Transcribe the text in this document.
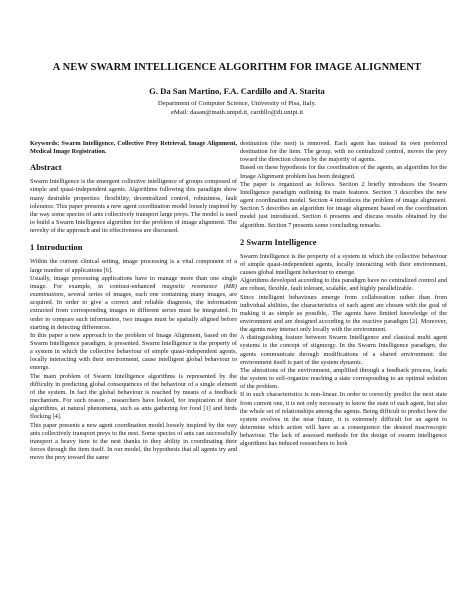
A NEW SWARM INTELLIGENCE ALGORITHM FOR IMAGE ALIGNMENT
G. Da San Martino, F.A. Cardillo and A. Starita
Department of Computer Science, University of Pisa, Italy.
eMail: dasan@math.unipd.it, cardillo@di.unipi.it

Keywords: Swarm Intelligence, Collective Prey Retrieval, Image Alignment, Medical Image Registration.

Abstract

Swarm Intelligence is the emergent collective intelligence of groups composed of simple and quasi-independent agents. Algorithms following this paradigm show many desirable properties: flexibility, decentralized control, robustness, fault tolerance. This paper presents a new agent coordination model loosely inspired by the way some species of ants collectively transport large preys. The model is used to build a Swarm Intelligence algorithm for the problem of image alignment. The novelty of the approach and its effectiveness are discussed.

1 Introduction

Within the current clinical setting, image processing is a vital component of a large number of applications [6].

Usually, image processing applications have to manage more than one single image. For example, in contrast-enhanced magnetic resonance (MR) examinations, several series of images, each one containing many images, are acquired. In order to give a correct and reliable diagnosis, the information extracted from corresponding images in different series must be integrated. In order to compare such information, two images must be spatially aligned before starting in detecting differences.

In this paper a new approach to the problem of Image Alignment, based on the Swarm Intelligence paradigm, is presented. Swarm Intelligence is the property of a system in which the collective behaviour of simple quasi-independent agents, locally interacting with their environment, cause intelligent global behaviour to emerge.

The main problem of Swarm Intelligence algorithms is represented by the difficulty in predicting global consequences of the behaviour of a single element of the system. In fact the global behaviour is reached by means of a feedback mechanism. For such reason , researchers have looked, for inspiration of their algorithms, at natural phenomena, such as ants gathering for food [1] and birds flocking [4].

This paper presents a new agent coordination model loosely inspired by the way ants collectively transport preys to the nest. Some species of ants can successfully transport a heavy item to the nest thanks to they ability in coordinating their forces through the item itself. In our model, the hypothesis that all agents try and move the prey toward the same

destination (the nest) is removed. Each agent has instead its own preferred destination for the item. The group, with no centralized control, moves the prey toward the direction chosen by the majority of agents.

Based on these hypothesis for the coordination of the agents, an algorithm for the Image Alignment problem has been designed.

The paper is organized as follows. Section 2 briefly introduces the Swarm Intelligence paradigm outlining its main features. Section 3 describes the new agent coordination model. Section 4 introduces the problem of image alignment. Section 5 describes an algorithm for image alignment based on the coordination model just introduced. Section 6 presents and discuss results obtained by the algorithm. Section 7 presents some concluding remarks.

2 Swarm Intelligence

Swarm Intelligence is the property of a system in which the collective behaviour of simple quasi-independent agents, locally interacting with their environment, causes global intelligent behaviour to emerge.

Algorithms developed according to this paradigm have no centralized control and are robust, flexible, fault tolerant, scalable, and highly parallelizable.

Since intelligent behaviours emerge from collaboration rather than from individual abilities, the characteristics of each agent are chosen with the goal of making it as simple as possible,. The agents have limited knowledge of the environment and are designed according to the reactive paradigm [2]. Moreover, the agents may interact only locally with the environment.

A distinguishing feature between Swarm Intelligence and classical multi agent systems is the concept of stigmergy. In the Swarm Intelligence paradigm, the agents communicate through modifications of a shared environment: the environment itself is part of the system dynamic.

The alterations of the environment, amplified through a feedback process, leads the system to self-organize reaching a state corresponding to an optimal solution of the problem.

If in such characteristics is non-linear. In order to correctly predict the next state from current one, it is not only necessary to know the state of each agent, but also the whole set of relationships among the agents. Being difficult to predict how the system evolves in the near future, it is extremely difficult for an agent to determine which action will have as a consequence the desired macroscopic behaviour. The lack of assessed methods for the design of swarm intelligence algorithms has induced researchers to look
